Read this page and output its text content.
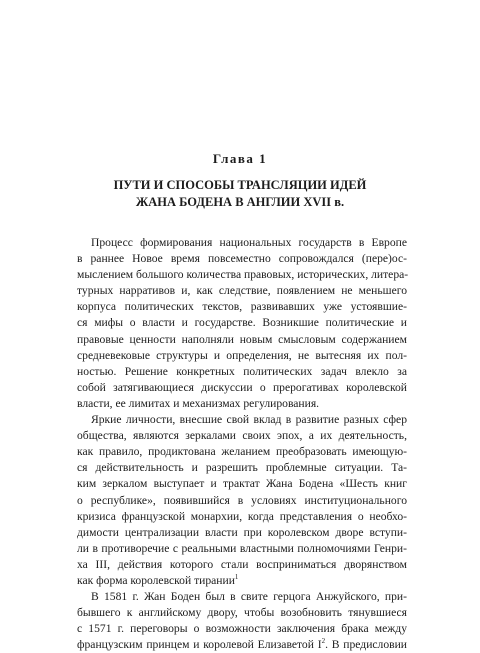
Глава 1
ПУТИ И СПОСОБЫ ТРАНСЛЯЦИИ ИДЕЙ
ЖАНА БОДЕНА В АНГЛИИ XVII в.
Процесс формирования национальных государств в Европе
в раннее Новое время повсеместно сопровождался (пере)ос-
мыслением большого количества правовых, исторических, литера-
турных нарративов и, как следствие, появлением не меньшего
корпуса политических текстов, развивавших уже устоявшие-
ся мифы о власти и государстве. Возникшие политические и
правовые ценности наполняли новым смысловым содержанием
средневековые структуры и определения, не вытесняя их пол-
ностью. Решение конкретных политических задач влекло за
собой затягивающиеся дискуссии о прерогативах королевской
власти, ее лимитах и механизмах регулирования.
Яркие личности, внесшие свой вклад в развитие разных сфер
общества, являются зеркалами своих эпох, а их деятельность,
как правило, продиктована желанием преобразовать имеющую-
ся действительность и разрешить проблемные ситуации. Та-
ким зеркалом выступает и трактат Жана Бодена «Шесть книг
о республике», появившийся в условиях институционального
кризиса французской монархии, когда представления о необхо-
димости централизации власти при королевском дворе вступи-
ли в противоречие с реальными властными полномочиями Генри-
ха III, действия которого стали восприниматься дворянством
как форма королевской тирании$^1$
В 1581 г. Жан Боден был в свите герцога Анжуйского, при-
бывшего к английскому двору, чтобы возобновить тянувшиеся
с 1571 г. переговоры о возможности заключения брака между
французским принцем и королевой Елизаветой $I^2$. В предисловии
